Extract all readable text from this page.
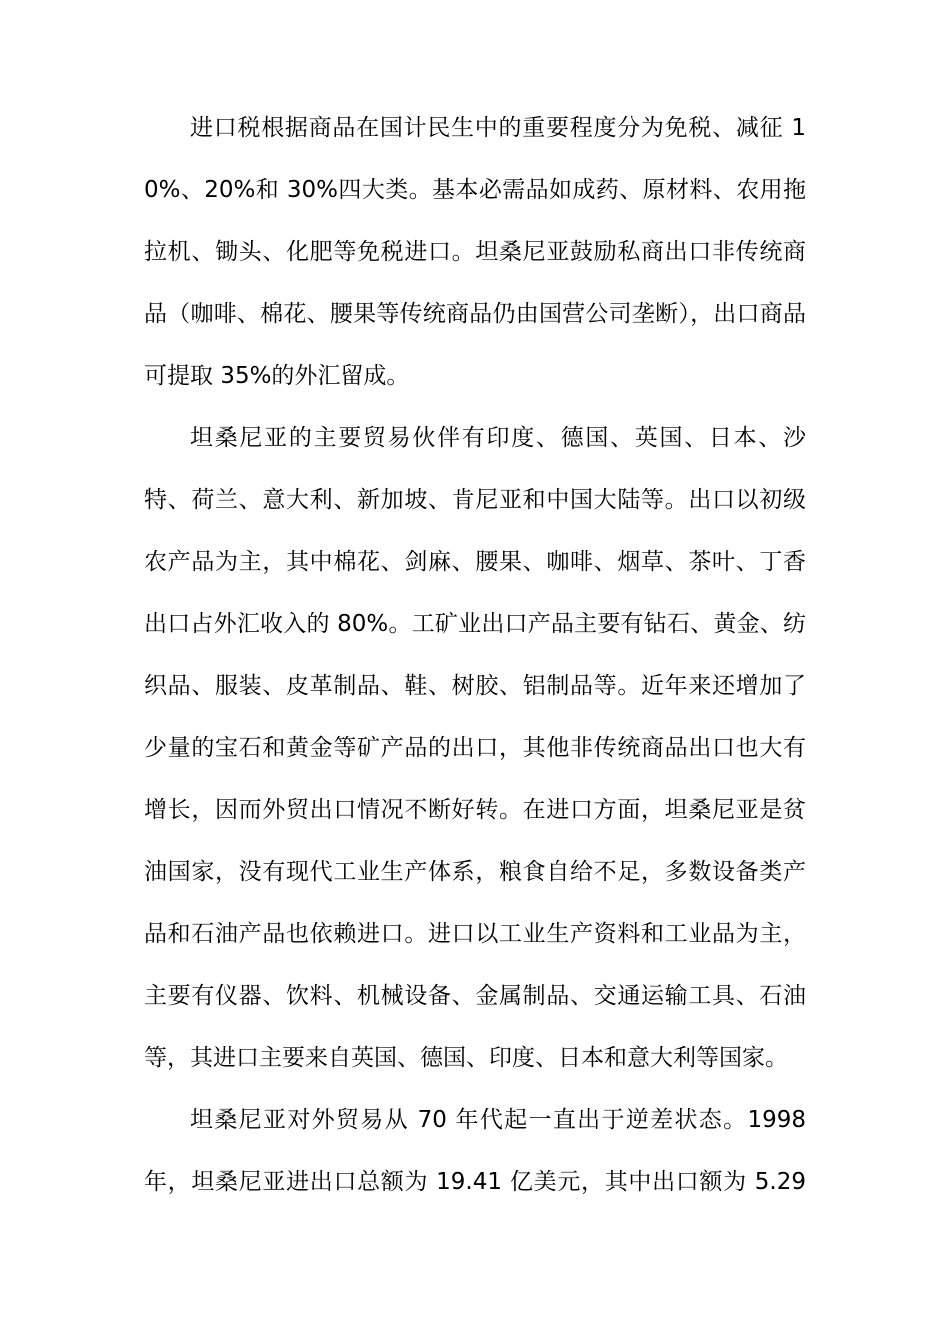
进口税根据商品在国计民生中的重要程度分为免税、减征 10%、20%和 30%四大类。基本必需品如成药、原材料、农用拖拉机、锄头、化肥等免税进口。坦桑尼亚鼓励私商出口非传统商品（咖啡、棉花、腰果等传统商品仍由国营公司垄断），出口商品可提取 35%的外汇留成。

坦桑尼亚的主要贸易伙伴有印度、德国、英国、日本、沙特、荷兰、意大利、新加坡、肯尼亚和中国大陆等。出口以初级农产品为主，其中棉花、剑麻、腰果、咖啡、烟草、茶叶、丁香出口占外汇收入的 80%。工矿业出口产品主要有钻石、黄金、纺织品、服装、皮革制品、鞋、树胶、铝制品等。近年来还增加了少量的宝石和黄金等矿产品的出口，其他非传统商品出口也大有增长，因而外贸出口情况不断好转。在进口方面，坦桑尼亚是贫油国家，没有现代工业生产体系，粮食自给不足，多数设备类产品和石油产品也依赖进口。进口以工业生产资料和工业品为主，主要有仪器、饮料、机械设备、金属制品、交通运输工具、石油等，其进口主要来自英国、德国、印度、日本和意大利等国家。

坦桑尼亚对外贸易从 70 年代起一直出于逆差状态。1998 年，坦桑尼亚进出口总额为 19.41 亿美元，其中出口额为 5.29
